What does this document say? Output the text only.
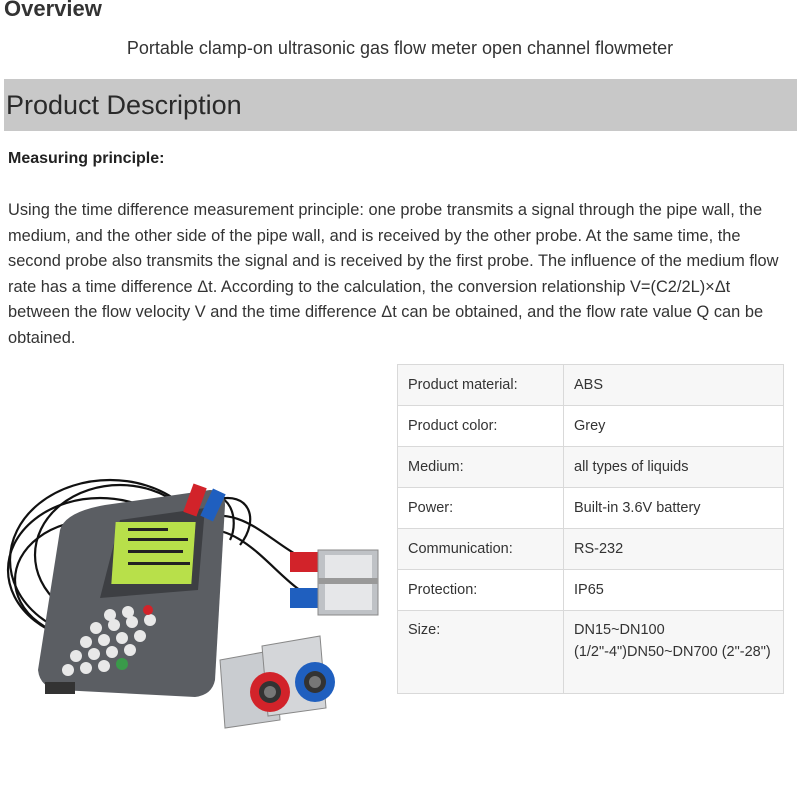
Overview
Portable clamp-on ultrasonic gas flow meter open channel flowmeter
Product Description
Measuring principle:

Using the time difference measurement principle: one probe transmits a signal through the pipe wall, the medium, and the other side of the pipe wall, and is received by the other probe. At the same time, the second probe also transmits the signal and is received by the first probe. The influence of the medium flow rate has a time difference Δt. According to the calculation, the conversion relationship V=(C2/2L)×Δt between the flow velocity V and the time difference Δt can be obtained, and the flow rate value Q can be obtained.

Product material:	ABS
Product color:	Grey
Medium:	all types of liquids
Power:	Built-in 3.6V battery
Communication:	RS-232
Protection:	IP65
Size:	DN15~DN100 (1/2"-4")DN50~DN700 (2"-28")
